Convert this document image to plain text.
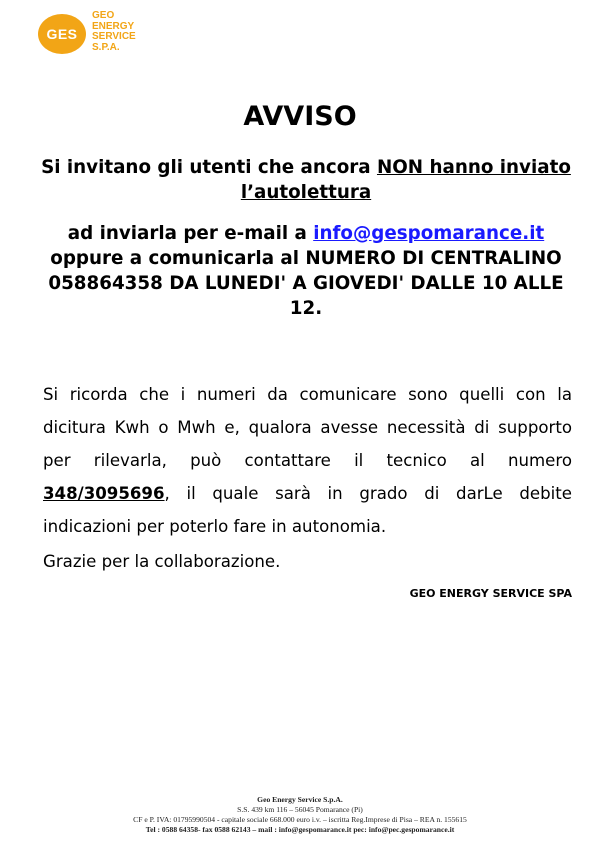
GES
GEO
ENERGY
SERVICE
S.P.A.
AVVISO
Si invitano gli utenti che ancora NON hanno inviato l’autolettura
ad inviarla per e-mail a info@gespomarance.it oppure a comunicarla al NUMERO DI CENTRALINO 058864358 DA LUNEDI' A GIOVEDI' DALLE 10 ALLE 12.
Si ricorda che i numeri da comunicare sono quelli con la dicitura Kwh o Mwh e, qualora avesse necessità di supporto per rilevarla, può contattare il tecnico al numero 348/3095696, il quale sarà in grado di darLe debite indicazioni per poterlo fare in autonomia.
Grazie per la collaborazione.
GEO ENERGY SERVICE SPA
Geo Energy Service S.p.A.
S.S. 439 km 116 – 56045 Pomarance (Pi)
CF e P. IVA: 01795990504 - capitale sociale 668.000 euro i.v. – iscritta Reg.Imprese di Pisa – REA n. 155615
Tel : 0588 64358- fax 0588 62143 – mail : info@gespomarance.it pec: info@pec.gespomarance.it
